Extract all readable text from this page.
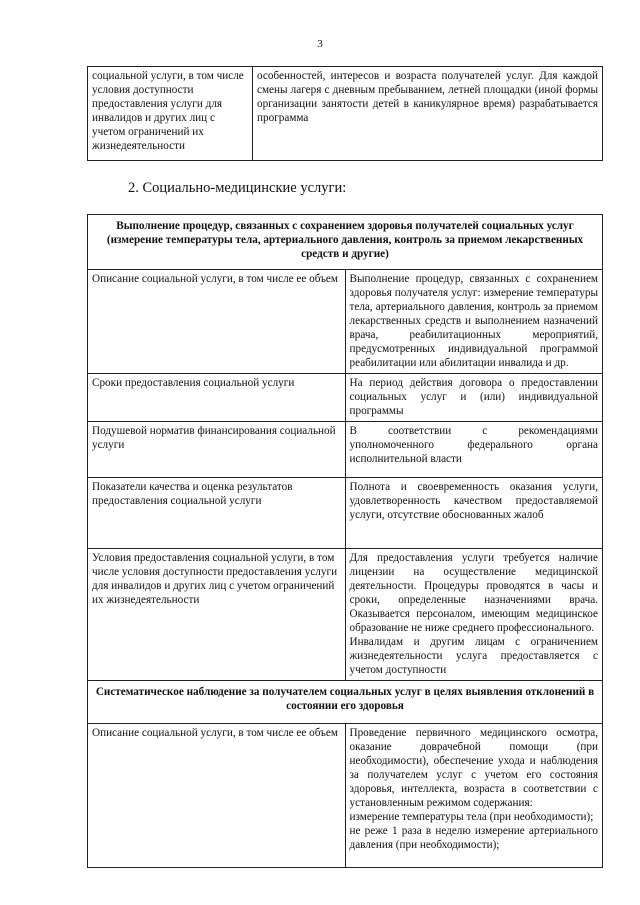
3
социальной услуги, в том числе условия доступности предоставления услуги для инвалидов и других лиц с учетом ограничений их жизнедеятельности	особенностей, интересов и возраста получателей услуг. Для каждой смены лагеря с дневным пребыванием, летней площадки (иной формы организации занятости детей в каникулярное время) разрабатывается программа
2. Социально-медицинские услуги:
Выполнение процедур, связанных с сохранением здоровья получателей социальных услуг (измерение температуры тела, артериального давления, контроль за приемом лекарственных средств и другие)	
Описание социальной услуги, в том числе ее объем	Выполнение процедур, связанных с сохранением здоровья получателя услуг: измерение температуры тела, артериального давления, контроль за приемом лекарственных средств и выполнением назначений врача, реабилитационных мероприятий, предусмотренных индивидуальной программой реабилитации или абилитации инвалида и др.
Сроки предоставления социальной услуги	На период действия договора о предоставлении социальных услуг и (или) индивидуальной программы
Подушевой норматив финансирования социальной услуги	В соответствии с рекомендациями уполномоченного федерального органа исполнительной власти
Показатели качества и оценка результатов предоставления социальной услуги	Полнота и своевременность оказания услуги, удовлетворенность качеством предоставляемой услуги, отсутствие обоснованных жалоб
Условия предоставления социальной услуги, в том числе условия доступности предоставления услуги для инвалидов и других лиц с учетом ограничений их жизнедеятельности	Для предоставления услуги требуется наличие лицензии на осуществление медицинской деятельности. Процедуры проводятся в часы и сроки, определенные назначениями врача. Оказывается персоналом, имеющим медицинское образование не ниже среднего профессионального.
Инвалидам и другим лицам с ограничением жизнедеятельности услуга предоставляется с учетом доступности

Систематическое наблюдение за получателем социальных услуг в целях выявления отклонений в состоянии его здоровья	
Описание социальной услуги, в том числе ее объем	Проведение первичного медицинского осмотра, оказание доврачебной помощи (при необходимости), обеспечение ухода и наблюдения за получателем услуг с учетом его состояния здоровья, интеллекта, возраста в соответствии с установленным режимом содержания:
измерение температуры тела (при необходимости);
не реже 1 раза в неделю измерение артериального давления (при необходимости);
